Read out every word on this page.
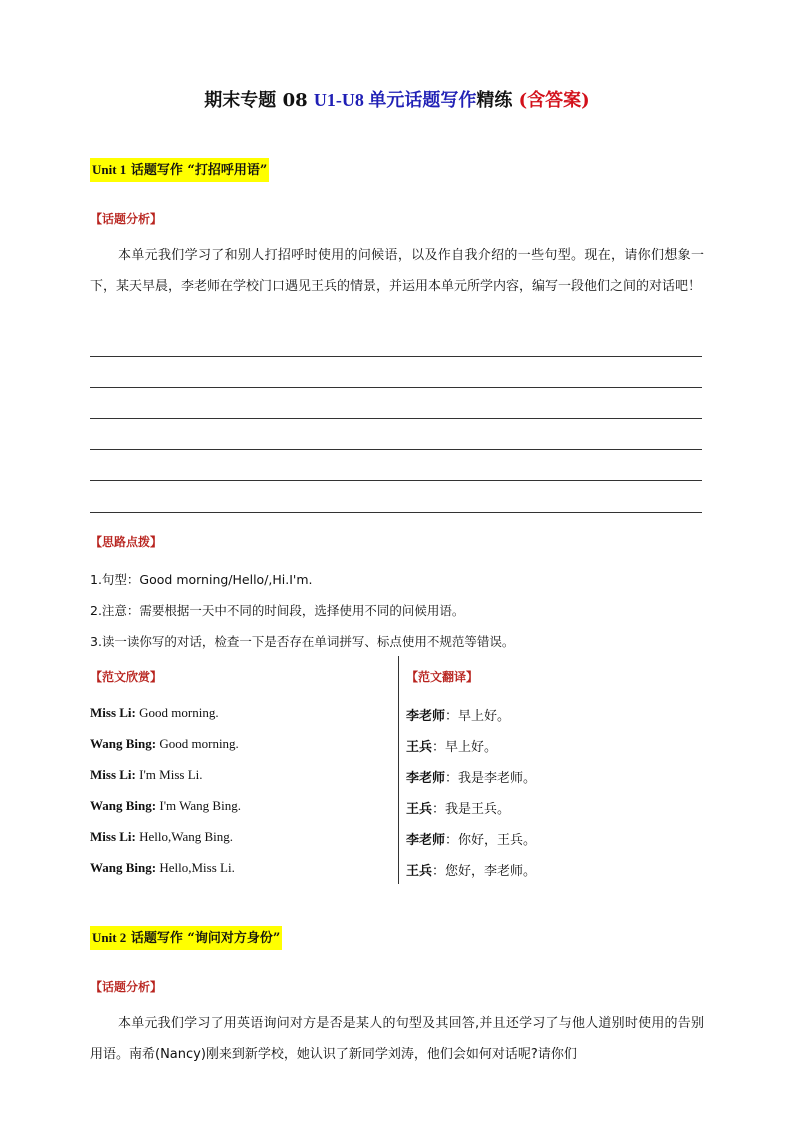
期末专题 08 U1-U8 单元话题写作精练 (含答案)
Unit 1 话题写作 “打招呼用语”
【话题分析】
本单元我们学习了和别人打招呼时使用的问候语，以及作自我介绍的一些句型。现在，请你们想象一下，某天早晨，李老师在学校门口遇见王兵的情景，并运用本单元所学内容，编写一段他们之间的对话吧！
【思路点拨】
1.句型：Good morning/Hello/,Hi.I'm.
2.注意：需要根据一天中不同的时间段，选择使用不同的问候用语。
3.读一读你写的对话，检查一下是否存在单词拼写、标点使用不规范等错误。
【范文欣赏】	【范文翻译】
Miss Li: Good morning.
Wang Bing: Good morning.
Miss Li: I'm Miss Li.
Wang Bing: I'm Wang Bing.
Miss Li: Hello,Wang Bing.
Wang Bing: Hello,Miss Li.
李老师：早上好。
王兵：早上好。
李老师：我是李老师。
王兵：我是王兵。
李老师：你好，王兵。
王兵：您好，李老师。
Unit 2 话题写作 “询问对方身份”
【话题分析】
本单元我们学习了用英语询问对方是否是某人的句型及其回答,并且还学习了与他人道别时使用的告别用语。南希(Nancy)刚来到新学校，她认识了新同学刘涛，他们会如何对话呢?请你们
